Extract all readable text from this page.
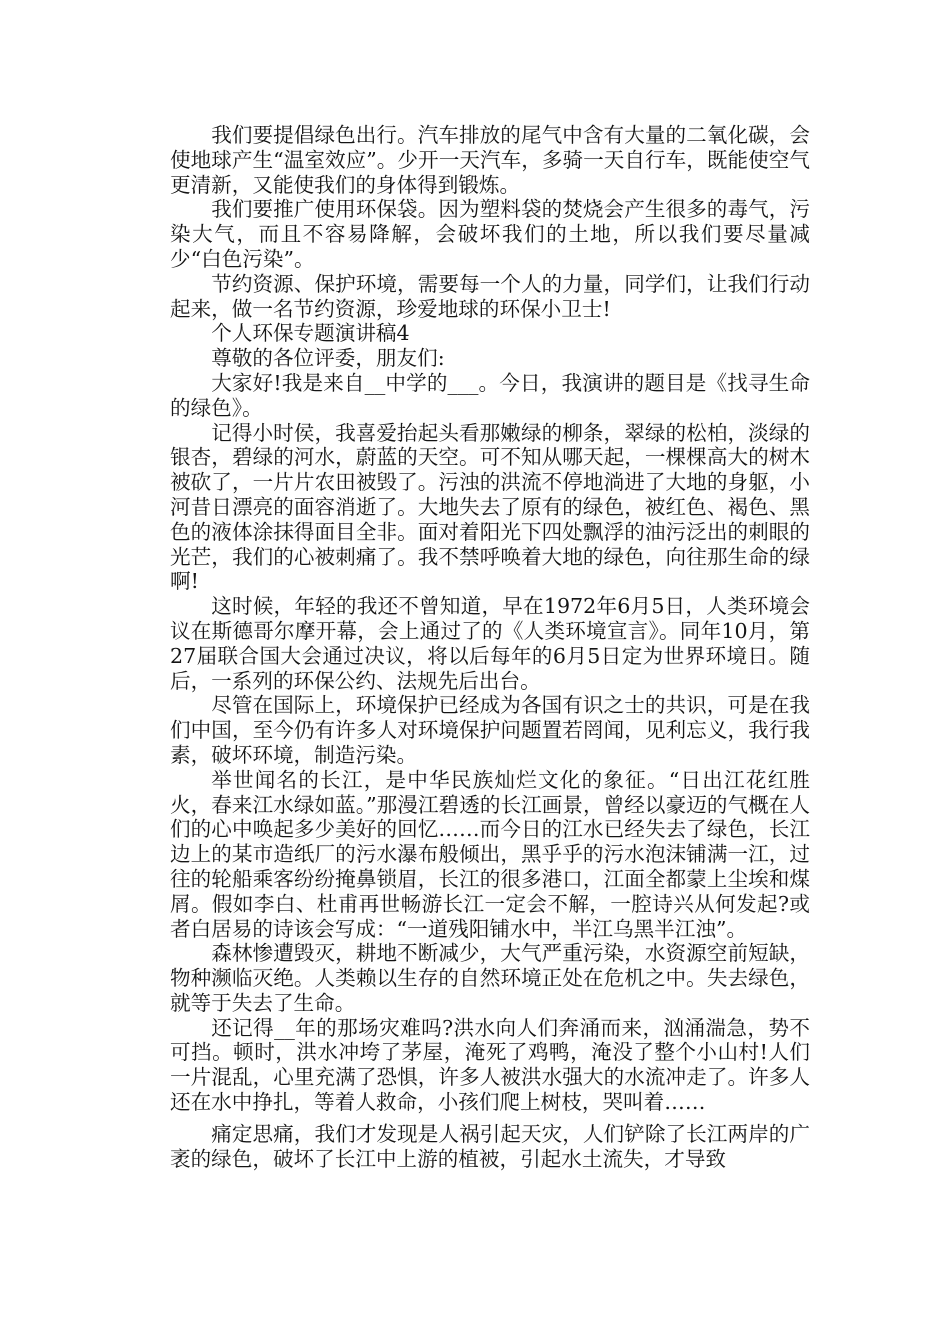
我们要提倡绿色出行。汽车排放的尾气中含有大量的二氧化碳，会使地球产生“温室效应”。少开一天汽车，多骑一天自行车，既能使空气更清新，又能使我们的身体得到锻炼。

我们要推广使用环保袋。因为塑料袋的焚烧会产生很多的毒气，污染大气，而且不容易降解，会破坏我们的土地，所以我们要尽量减少“白色污染”。

节约资源、保护环境，需要每一个人的力量，同学们，让我们行动起来，做一名节约资源，珍爱地球的环保小卫士!

个人环保专题演讲稿4

尊敬的各位评委，朋友们:

大家好!我是来自__中学的___。今日，我演讲的题目是《找寻生命的绿色》。

记得小时侯，我喜爱抬起头看那嫩绿的柳条，翠绿的松柏，淡绿的银杏，碧绿的河水，蔚蓝的天空。可不知从哪天起，一棵棵高大的树木被砍了，一片片农田被毁了。污浊的洪流不停地淌进了大地的身躯，小河昔日漂亮的面容消逝了。大地失去了原有的绿色，被红色、褐色、黑色的液体涂抹得面目全非。面对着阳光下四处飘浮的油污泛出的刺眼的光芒，我们的心被刺痛了。我不禁呼唤着大地的绿色，向往那生命的绿啊!

这时候，年轻的我还不曾知道，早在1972年6月5日，人类环境会议在斯德哥尔摩开幕，会上通过了的《人类环境宣言》。同年10月，第27届联合国大会通过决议，将以后每年的6月5日定为世界环境日。随后，一系列的环保公约、法规先后出台。

尽管在国际上，环境保护已经成为各国有识之士的共识，可是在我们中国，至今仍有许多人对环境保护问题置若罔闻，见利忘义，我行我素，破坏环境，制造污染。

举世闻名的长江，是中华民族灿烂文化的象征。“日出江花红胜火，春来江水绿如蓝。”那漫江碧透的长江画景，曾经以豪迈的气概在人们的心中唤起多少美好的回忆……而今日的江水已经失去了绿色，长江边上的某市造纸厂的污水瀑布般倾出，黑乎乎的污水泡沫铺满一江，过往的轮船乘客纷纷掩鼻锁眉，长江的很多港口，江面全都蒙上尘埃和煤屑。假如李白、杜甫再世畅游长江一定会不解，一腔诗兴从何发起?或者白居易的诗该会写成：“一道残阳铺水中，半江乌黑半江浊”。

森林惨遭毁灭，耕地不断减少，大气严重污染，水资源空前短缺，物种濒临灭绝。人类赖以生存的自然环境正处在危机之中。失去绿色，就等于失去了生命。

还记得__年的那场灾难吗?洪水向人们奔涌而来，汹涌湍急，势不可挡。顿时，洪水冲垮了茅屋，淹死了鸡鸭，淹没了整个小山村!人们一片混乱，心里充满了恐惧，许多人被洪水强大的水流冲走了。许多人还在水中挣扎，等着人救命，小孩们爬上树枝，哭叫着……

痛定思痛，我们才发现是人祸引起天灾，人们铲除了长江两岸的广袤的绿色，破坏了长江中上游的植被，引起水土流失，才导致
